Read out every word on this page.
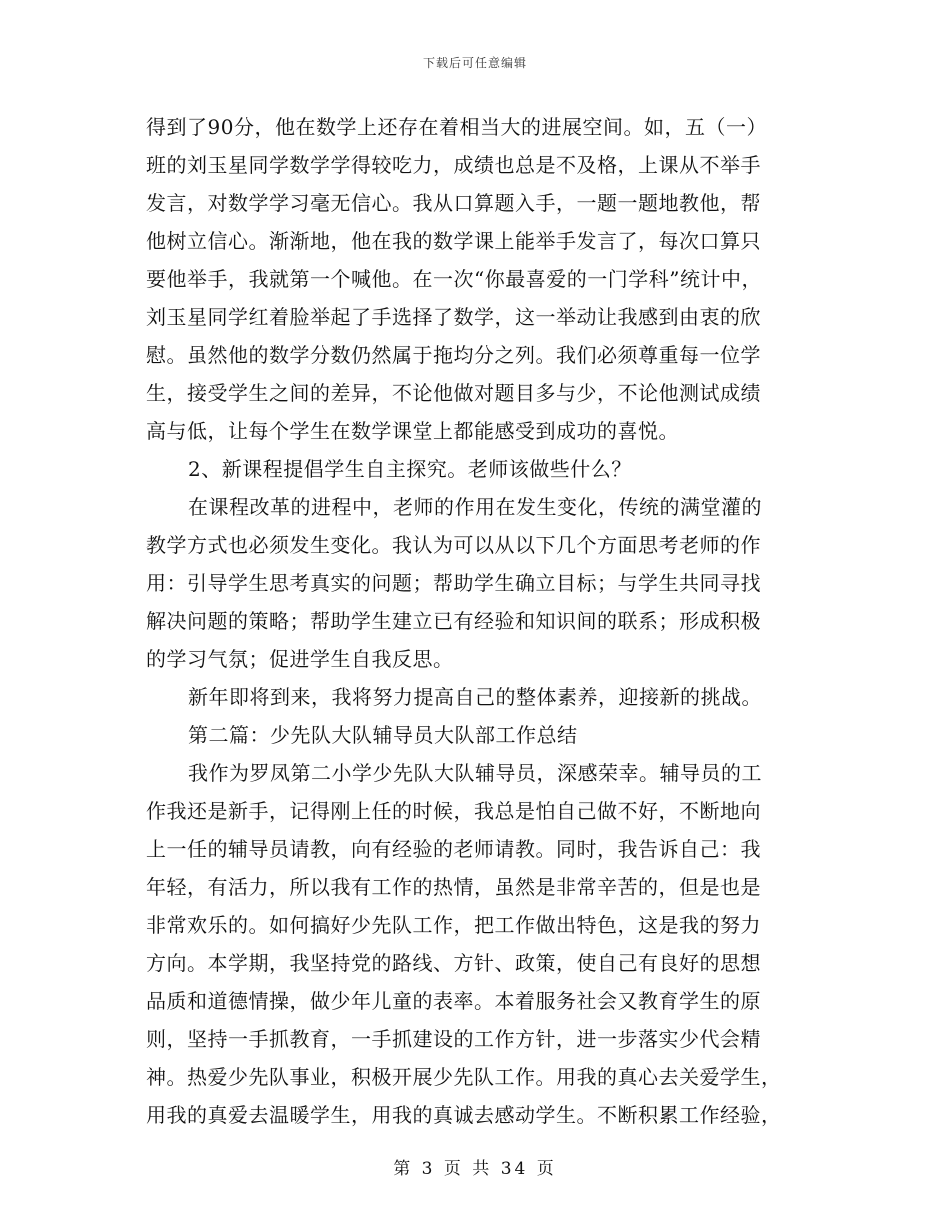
下载后可任意编辑
得到了90分，他在数学上还存在着相当大的进展空间。如，五（一）
班的刘玉星同学数学学得较吃力，成绩也总是不及格，上课从不举手
发言，对数学学习毫无信心。我从口算题入手，一题一题地教他，帮
他树立信心。渐渐地，他在我的数学课上能举手发言了，每次口算只
要他举手，我就第一个喊他。在一次“你最喜爱的一门学科”统计中，
刘玉星同学红着脸举起了手选择了数学，这一举动让我感到由衷的欣
慰。虽然他的数学分数仍然属于拖均分之列。我们必须尊重每一位学
生，接受学生之间的差异，不论他做对题目多与少，不论他测试成绩
高与低，让每个学生在数学课堂上都能感受到成功的喜悦。
2、新课程提倡学生自主探究。老师该做些什么？
在课程改革的进程中，老师的作用在发生变化，传统的满堂灌的
教学方式也必须发生变化。我认为可以从以下几个方面思考老师的作
用：引导学生思考真实的问题；帮助学生确立目标；与学生共同寻找
解决问题的策略；帮助学生建立已有经验和知识间的联系；形成积极
的学习气氛；促进学生自我反思。
新年即将到来，我将努力提高自己的整体素养，迎接新的挑战。
第二篇：少先队大队辅导员大队部工作总结
我作为罗凤第二小学少先队大队辅导员，深感荣幸。辅导员的工
作我还是新手，记得刚上任的时候，我总是怕自己做不好，不断地向
上一任的辅导员请教，向有经验的老师请教。同时，我告诉自己：我
年轻，有活力，所以我有工作的热情，虽然是非常辛苦的，但是也是
非常欢乐的。如何搞好少先队工作，把工作做出特色，这是我的努力
方向。本学期，我坚持党的路线、方针、政策，使自己有良好的思想
品质和道德情操，做少年儿童的表率。本着服务社会又教育学生的原
则，坚持一手抓教育，一手抓建设的工作方针，进一步落实少代会精
神。热爱少先队事业，积极开展少先队工作。用我的真心去关爱学生，
用我的真爱去温暖学生，用我的真诚去感动学生。不断积累工作经验，
第 3 页 共 34 页
